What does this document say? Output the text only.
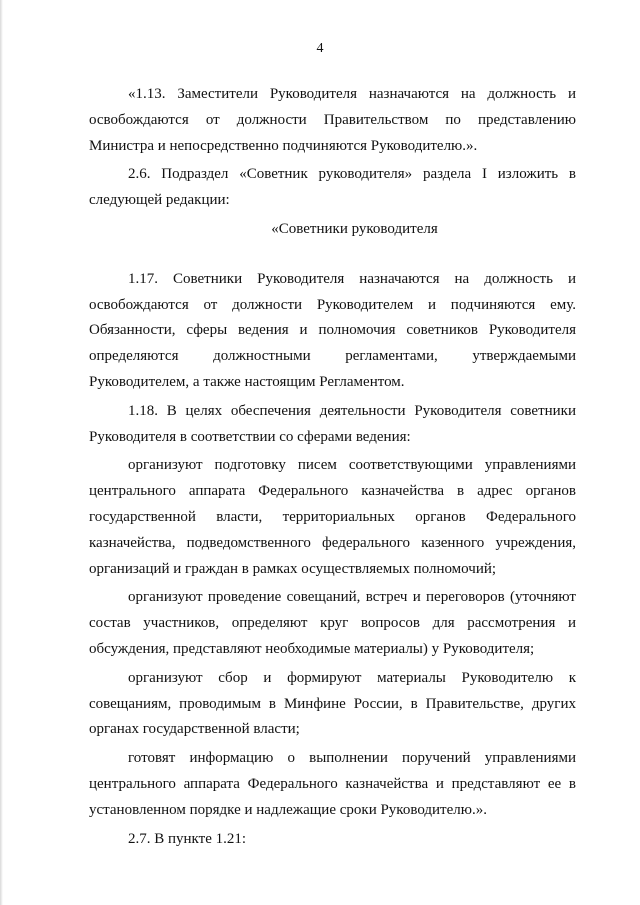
4

«1.13. Заместители Руководителя назначаются на должность и освобождаются от должности Правительством по представлению Министра и непосредственно подчиняются Руководителю.».

2.6. Подраздел «Советник руководителя» раздела I изложить в следующей редакции:

«Советники руководителя

1.17. Советники Руководителя назначаются на должность и освобождаются от должности Руководителем и подчиняются ему. Обязанности, сферы ведения и полномочия советников Руководителя определяются должностными регламентами, утверждаемыми Руководителем, а также настоящим Регламентом.

1.18. В целях обеспечения деятельности Руководителя советники Руководителя в соответствии со сферами ведения:

организуют подготовку писем соответствующими управлениями центрального аппарата Федерального казначейства в адрес органов государственной власти, территориальных органов Федерального казначейства, подведомственного федерального казенного учреждения, организаций и граждан в рамках осуществляемых полномочий;

организуют проведение совещаний, встреч и переговоров (уточняют состав участников, определяют круг вопросов для рассмотрения и обсуждения, представляют необходимые материалы) у Руководителя;

организуют сбор и формируют материалы Руководителю к совещаниям, проводимым в Минфине России, в Правительстве, других органах государственной власти;

готовят информацию о выполнении поручений управлениями центрального аппарата Федерального казначейства и представляют ее в установленном порядке и надлежащие сроки Руководителю.».

2.7. В пункте 1.21:
